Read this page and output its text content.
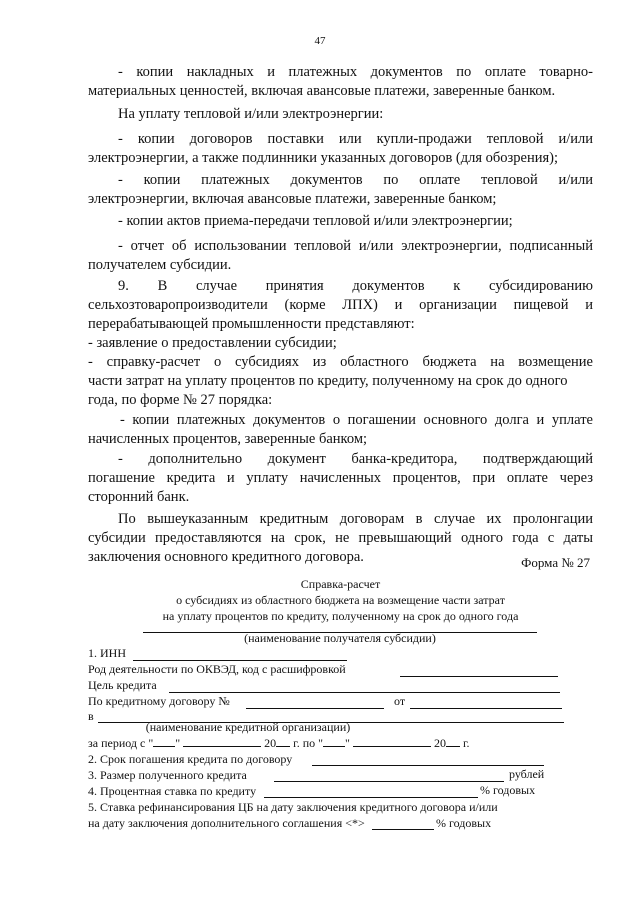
47

- копии накладных и платежных документов по оплате товарно-

материальных ценностей, включая авансовые платежи, заверенные банком.

На уплату тепловой и/или электроэнергии:

- копии договоров поставки или купли-продажи тепловой и/или

электроэнергии, а также подлинники указанных договоров (для обозрения);

- копии платежных документов по оплате тепловой и/или

электроэнергии, включая авансовые платежи, заверенные банком;

- копии актов приема-передачи тепловой и/или электроэнергии;

- отчет об использовании тепловой и/или электроэнергии, подписанный

получателем субсидии.

9. В случае принятия документов к субсидированию

сельхозтоваропроизводители (корме ЛПХ) и организации пищевой и

перерабатывающей промышленности представляют:

- заявление о предоставлении субсидии;

- справку-расчет о субсидиях из областного бюджета на возмещение

части затрат на уплату процентов по кредиту, полученному на срок до одного

года, по форме № 27 порядка:

- копии платежных документов о погашении основного долга и уплате

начисленных процентов, заверенные банком;

- дополнительно документ банка-кредитора, подтверждающий

погашение кредита и уплату начисленных процентов, при оплате через

сторонний банк.

По вышеуказанным кредитным договорам в случае их пролонгации

субсидии предоставляются на срок, не превышающий одного года с даты

заключения основного кредитного договора.	Форма № 27
Справка-расчет
о субсидиях из областного бюджета на возмещение части затрат
на уплату процентов по кредиту, полученному на срок до одного года
(наименование получателя субсидии)
1. ИНН
Род деятельности по ОКВЭД, код с расшифровкой
Цель кредита
По кредитному договору №	от
в
(наименование кредитной организации)
за период с " "	20 г. по " "	20 г.
2. Срок погашения кредита по договору
3. Размер полученного кредита	рублей
4. Процентная ставка по кредиту	% годовых
5. Ставка рефинансирования ЦБ на дату заключения кредитного договора и/или
на дату заключения дополнительного соглашения <*>	% годовых
